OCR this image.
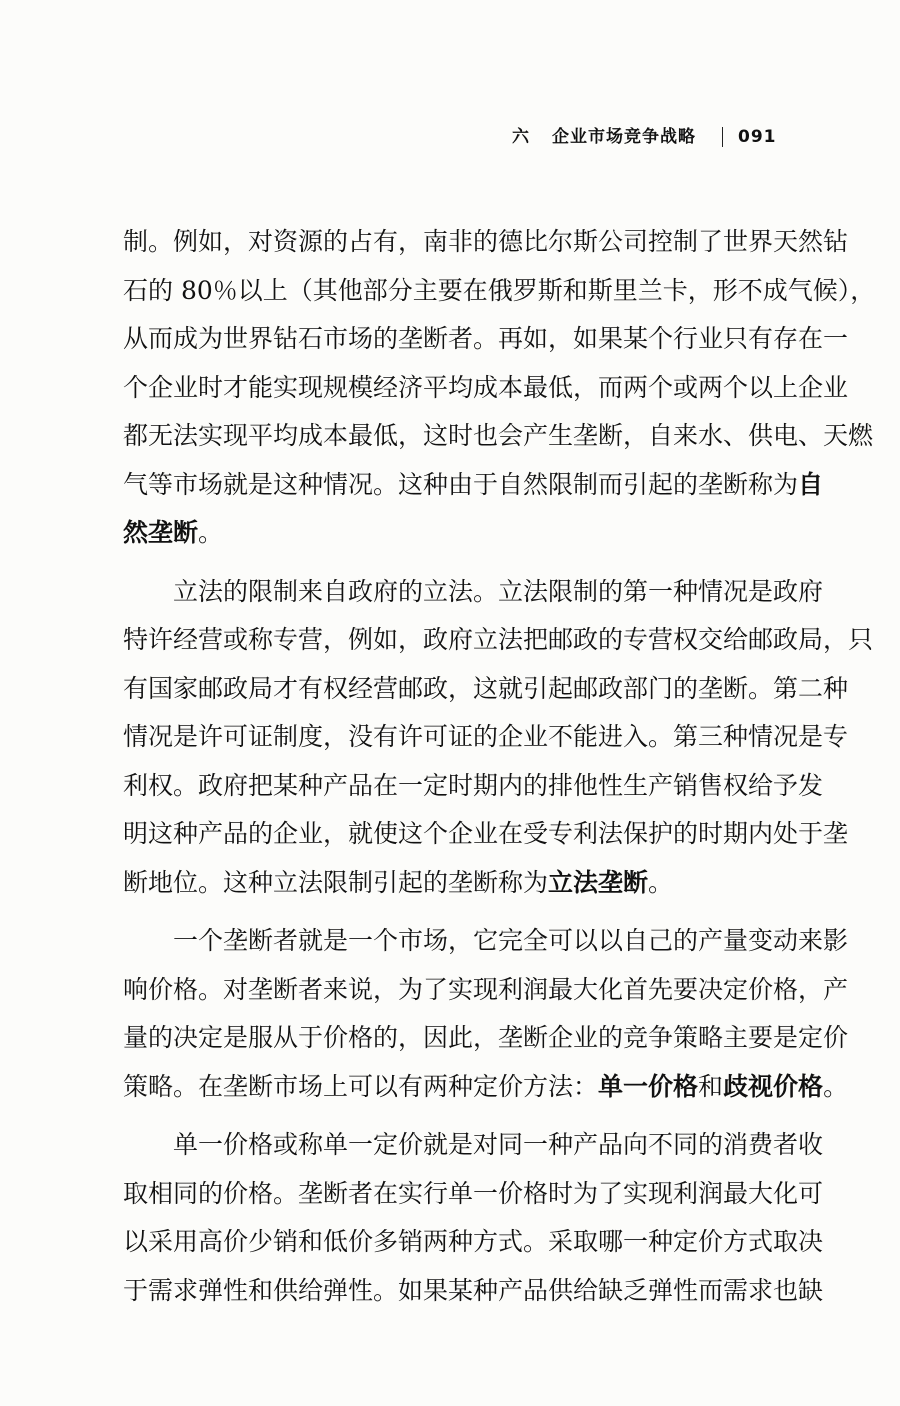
六 企业市场竞争战略 091
制。例如，对资源的占有，南非的德比尔斯公司控制了世界天然钻
石的 80％以上（其他部分主要在俄罗斯和斯里兰卡，形不成气候），
从而成为世界钻石市场的垄断者。再如，如果某个行业只有存在一
个企业时才能实现规模经济平均成本最低，而两个或两个以上企业
都无法实现平均成本最低，这时也会产生垄断，自来水、供电、天燃
气等市场就是这种情况。这种由于自然限制而引起的垄断称为自
然垄断。
　　立法的限制来自政府的立法。立法限制的第一种情况是政府
特许经营或称专营，例如，政府立法把邮政的专营权交给邮政局，只
有国家邮政局才有权经营邮政，这就引起邮政部门的垄断。第二种
情况是许可证制度，没有许可证的企业不能进入。第三种情况是专
利权。政府把某种产品在一定时期内的排他性生产销售权给予发
明这种产品的企业，就使这个企业在受专利法保护的时期内处于垄
断地位。这种立法限制引起的垄断称为立法垄断。
　　一个垄断者就是一个市场，它完全可以以自己的产量变动来影
响价格。对垄断者来说，为了实现利润最大化首先要决定价格，产
量的决定是服从于价格的，因此，垄断企业的竞争策略主要是定价
策略。在垄断市场上可以有两种定价方法：单一价格和歧视价格。
　　单一价格或称单一定价就是对同一种产品向不同的消费者收
取相同的价格。垄断者在实行单一价格时为了实现利润最大化可
以采用高价少销和低价多销两种方式。采取哪一种定价方式取决
于需求弹性和供给弹性。如果某种产品供给缺乏弹性而需求也缺
